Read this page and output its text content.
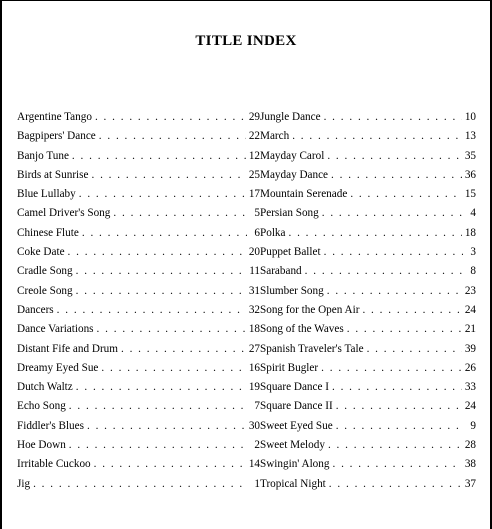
TITLE INDEX
Argentine Tango . . .	29
Bagpipers' Dance . . .	22
Banjo Tune . . .	12
Birds at Sunrise . . .	25
Blue Lullaby . . .	17
Camel Driver's Song . . .	5
Chinese Flute . . .	6
Coke Date . . .	20
Cradle Song . . .	11
Creole Song . . .	31
Dancers . . .	32
Dance Variations . . .	18
Distant Fife and Drum . . .	27
Dreamy Eyed Sue . . .	16
Dutch Waltz . . .	19
Echo Song . . .	7
Fiddler's Blues . . .	30
Hoe Down . . .	2
Irritable Cuckoo . . .	14
Jig . . .	1
Jungle Dance . . .	10
March . . .	13
Mayday Carol . . .	35
Mayday Dance . . .	36
Mountain Serenade . . .	15
Persian Song . . .	4
Polka . . .	18
Puppet Ballet . . .	3
Saraband . . .	8
Slumber Song . . .	23
Song for the Open Air . . .	24
Song of the Waves . . .	21
Spanish Traveler's Tale . . .	39
Spirit Bugler . . .	26
Square Dance I . . .	33
Square Dance II . . .	24
Sweet Eyed Sue . . .	9
Sweet Melody . . .	28
Swingin' Along . . .	38
Tropical Night . . .	37
